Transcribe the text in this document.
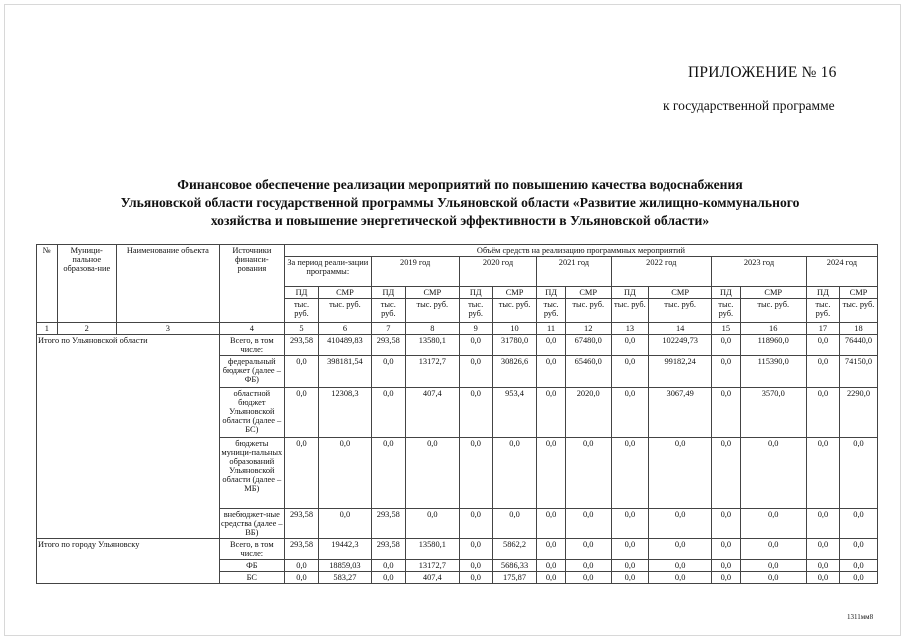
ПРИЛОЖЕНИЕ № 16
к государственной программе
Финансовое обеспечение реализации мероприятий по повышению качества водоснабжения
Ульяновской области государственной программы Ульяновской области «Развитие жилищно-коммунального
хозяйства и повышение энергетической эффективности в Ульяновской области»
№	Муници-пальное образова-ние	Наименование объекта	Источники финанси-рования	Объём средств на реализацию программных мероприятий													
				За период реали-зации программы:		2019 год		2020 год		2021 год		2022 год		2023 год		2024 год	
				ПД	СМР	ПД	СМР	ПД	СМР	ПД	СМР	ПД	СМР	ПД	СМР	ПД	СМР
				тыс. руб.	тыс. руб.	тыс. руб.	тыс. руб.	тыс. руб.	тыс. руб.	тыс. руб.	тыс. руб.	тыс. руб.	тыс. руб.	тыс. руб.	тыс. руб.	тыс. руб.	тыс. руб.
1	2	3	4	5	6	7	8	9	10	11	12	13	14	15	16	17	18
Итого по Ульяновской области			Всего, в том числе:	293,58	410489,83	293,58	13580,1	0,0	31780,0	0,0	67480,0	0,0	102249,73	0,0	118960,0	0,0	76440,0
			федеральный бюджет (далее – ФБ)	0,0	398181,54	0,0	13172,7	0,0	30826,6	0,0	65460,0	0,0	99182,24	0,0	115390,0	0,0	74150,0
			областной бюджет Ульяновской области (далее – БС)	0,0	12308,3	0,0	407,4	0,0	953,4	0,0	2020,0	0,0	3067,49	0,0	3570,0	0,0	2290,0
			бюджеты муници-пальных образований Ульяновской области (далее – МБ)	0,0	0,0	0,0	0,0	0,0	0,0	0,0	0,0	0,0	0,0	0,0	0,0	0,0	0,0
			внебюджет-ные средства (далее – ВБ)	293,58	0,0	293,58	0,0	0,0	0,0	0,0	0,0	0,0	0,0	0,0	0,0	0,0	0,0
Итого по городу Ульяновску			Всего, в том числе:	293,58	19442,3	293,58	13580,1	0,0	5862,2	0,0	0,0	0,0	0,0	0,0	0,0	0,0	0,0
			ФБ	0,0	18859,03	0,0	13172,7	0,0	5686,33	0,0	0,0	0,0	0,0	0,0	0,0	0,0	0,0
			БС	0,0	583,27	0,0	407,4	0,0	175,87	0,0	0,0	0,0	0,0	0,0	0,0	0,0	0,0
1311мм8
